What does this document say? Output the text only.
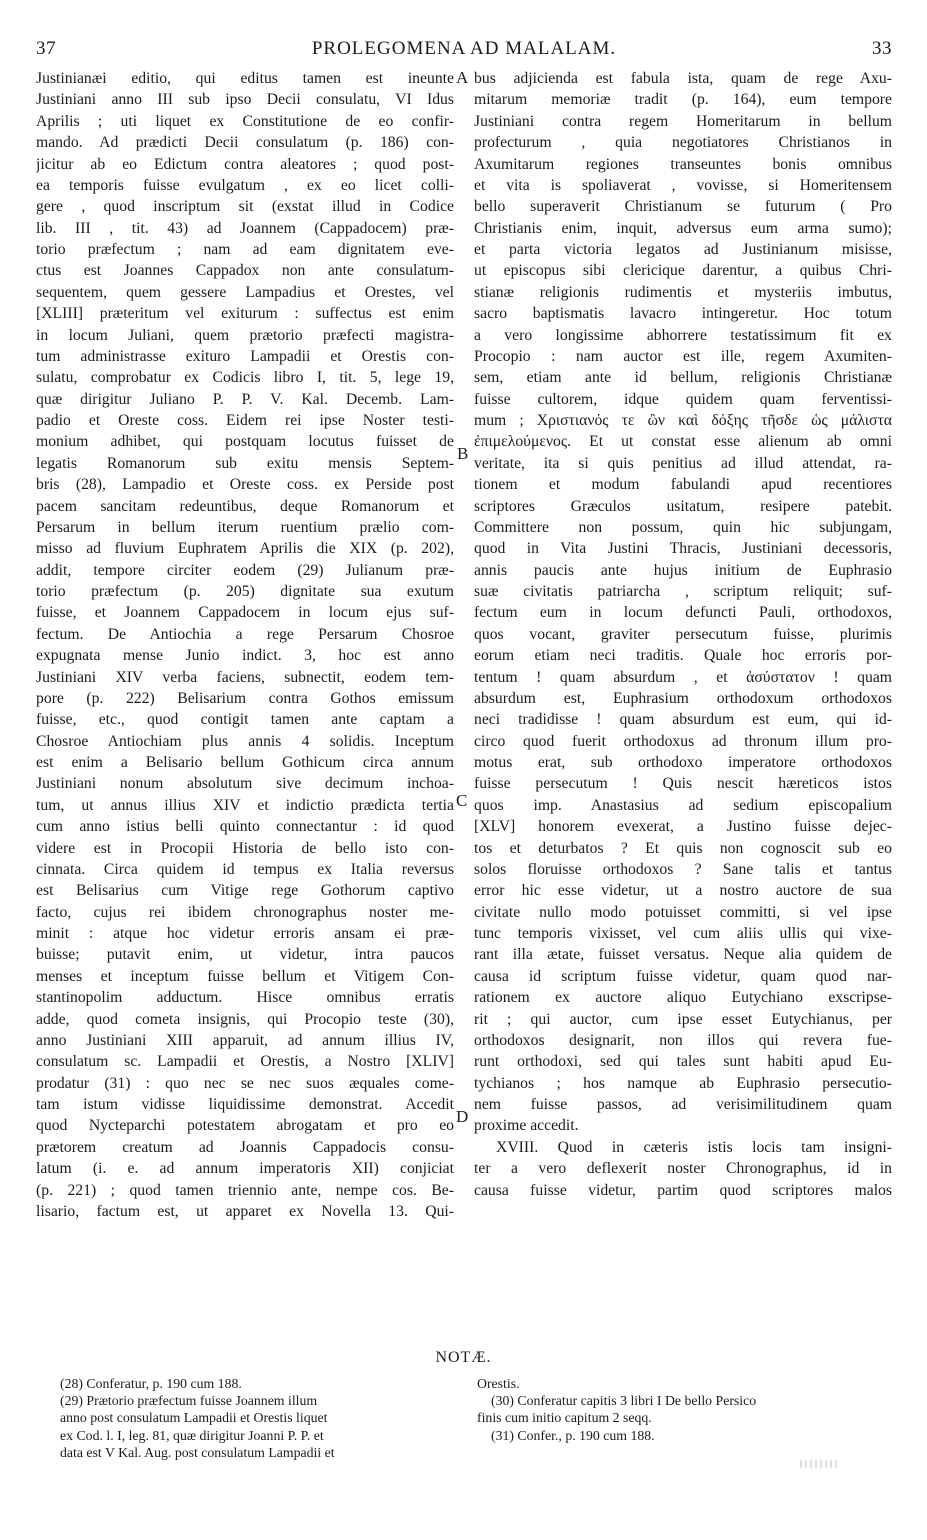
37	PROLEGOMENA AD MALALAM.	33
Justinianæi editio, qui editus tamen est ineunte
Justiniani anno III sub ipso Decii consulatu, VI Idus
Aprilis ; uti liquet ex Constitutione de eo confir-
mando. Ad prædicti Decii consulatum (p. 186) con-
jicitur ab eo Edictum contra aleatores ; quod post-
ea temporis fuisse evulgatum , ex eo licet colli-
gere , quod inscriptum sit (exstat illud in Codice
lib. III , tit. 43) ad Joannem (Cappadocem) præ-
torio præfectum ; nam ad eam dignitatem eve-
ctus est Joannes Cappadox non ante consulatum-
sequentem, quem gessere Lampadius et Orestes, vel
[XLIII] præteritum vel exiturum : suffectus est enim
in locum Juliani, quem prætorio præfecti magistra-
tum administrasse exituro Lampadii et Orestis con-
sulatu, comprobatur ex Codicis libro I, tit. 5, lege 19,
quæ dirigitur Juliano P. P. V. Kal. Decemb. Lam-
padio et Oreste coss. Eidem rei ipse Noster testi-
monium adhibet, qui postquam locutus fuisset de
legatis Romanorum sub exitu mensis Septem-
bris (28), Lampadio et Oreste coss. ex Perside post
pacem sancitam redeuntibus, deque Romanorum et
Persarum in bellum iterum ruentium prælio com-
misso ad fluvium Euphratem Aprilis die XIX (p. 202),
addit, tempore circiter eodem (29) Julianum præ-
torio præfectum (p. 205) dignitate sua exutum
fuisse, et Joannem Cappadocem in locum ejus suf-
fectum. De Antiochia a rege Persarum Chosroe
expugnata mense Junio indict. 3, hoc est anno
Justiniani XIV verba faciens, subnectit, eodem tem-
pore (p. 222) Belisarium contra Gothos emissum
fuisse, etc., quod contigit tamen ante captam a
Chosroe Antiochiam plus annis 4 solidis. Inceptum
est enim a Belisario bellum Gothicum circa annum
Justiniani nonum absolutum sive decimum inchoa-
tum, ut annus illius XIV et indictio prædicta tertia
cum anno istius belli quinto connectantur : id quod
videre est in Procopii Historia de bello isto con-
cinnata. Circa quidem id tempus ex Italia reversus
est Belisarius cum Vitige rege Gothorum captivo
facto, cujus rei ibidem chronographus noster me-
minit : atque hoc videtur erroris ansam ei præ-
buisse; putavit enim, ut videtur, intra paucos
menses et inceptum fuisse bellum et Vitigem Con-
stantinopolim adductum. Hisce omnibus erratis
adde, quod cometa insignis, qui Procopio teste (30),
anno Justiniani XIII apparuit, ad annum illius IV,
consulatum sc. Lampadii et Orestis, a Nostro [XLIV]
prodatur (31) : quo nec se nec suos æquales come-
tam istum vidisse liquidissime demonstrat. Accedit
quod Nycteparchi potestatem abrogatam et pro eo
prætorem creatum ad Joannis Cappadocis consu-
latum (i. e. ad annum imperatoris XII) conjiciat
(p. 221) ; quod tamen triennio ante, nempe cos. Be-
lisario, factum est, ut apparet ex Novella 13. Qui-
bus adjicienda est fabula ista, quam de rege Axu-
mitarum memoriæ tradit (p. 164), eum tempore
Justiniani contra regem Homeritarum in bellum
profecturum , quia negotiatores Christianos in
Axumitarum regiones transeuntes bonis omnibus
et vita is spoliaverat , vovisse, si Homeritensem
bello superaverit Christianum se futurum ( Pro
Christianis enim, inquit, adversus eum arma sumo);
et parta victoria legatos ad Justinianum misisse,
ut episcopus sibi clericique darentur, a quibus Chri-
stianæ religionis rudimentis et mysteriis imbutus,
sacro baptismatis lavacro intingeretur. Hoc totum
a vero longissime abhorrere testatissimum fit ex
Procopio : nam auctor est ille, regem Axumiten-
sem, etiam ante id bellum, religionis Christianæ
fuisse cultorem, idque quidem quam ferventissi-
mum ; Χριστιανός τε ὢν καὶ δόξης τῆσδε ὡς μάλιστα
ἐπιμελούμενος. Et ut constat esse alienum ab omni
veritate, ita si quis penitius ad illud attendat, ra-
tionem et modum fabulandi apud recentiores
scriptores Græculos usitatum, resipere patebit.
Committere non possum, quin hic subjungam,
quod in Vita Justini Thracis, Justiniani decessoris,
annis paucis ante hujus initium de Euphrasio
suæ civitatis patriarcha , scriptum reliquit; suf-
fectum eum in locum defuncti Pauli, orthodoxos,
quos vocant, graviter persecutum fuisse, plurimis
eorum etiam neci traditis. Quale hoc erroris por-
tentum ! quam absurdum , et ἀσύστατον ! quam
absurdum est, Euphrasium orthodoxum orthodoxos
neci tradidisse ! quam absurdum est eum, qui id-
circo quod fuerit orthodoxus ad thronum illum pro-
motus erat, sub orthodoxo imperatore orthodoxos
fuisse persecutum ! Quis nescit hæreticos istos
quos imp. Anastasius ad sedium episcopalium
[XLV] honorem evexerat, a Justino fuisse dejec-
tos et deturbatos ? Et quis non cognoscit sub eo
solos floruisse orthodoxos ? Sane talis et tantus
error hic esse videtur, ut a nostro auctore de sua
civitate nullo modo potuisset committi, si vel ipse
tunc temporis vixisset, vel cum aliis ullis qui vixe-
rant illa ætate, fuisset versatus. Neque alia quidem de
causa id scriptum fuisse videtur, quam quod nar-
rationem ex auctore aliquo Eutychiano exscripse-
rit ; qui auctor, cum ipse esset Eutychianus, per
orthodoxos designarit, non illos qui revera fue-
runt orthodoxi, sed qui tales sunt habiti apud Eu-
tychianos ; hos namque ab Euphrasio persecutio-
nem fuisse passos, ad verisimilitudinem quam
proxime accedit.
XVIII. Quod in cæteris istis locis tam insigni-
ter a vero deflexerit noster Chronographus, id in
causa fuisse videtur, partim quod scriptores malos
A
B
C
D
NOTÆ.
(28) Conferatur, p. 190 cum 188.
(29) Prætorio præfectum fuisse Joannem illum
anno post consulatum Lampadii et Orestis liquet
ex Cod. l. I, leg. 81, quæ dirigitur Joanni P. P. et
data est V Kal. Aug. post consulatum Lampadii et
Orestis.
(30) Conferatur capitis 3 libri I De bello Persico
finis cum initio capitum 2 seqq.
(31) Confer., p. 190 cum 188.
